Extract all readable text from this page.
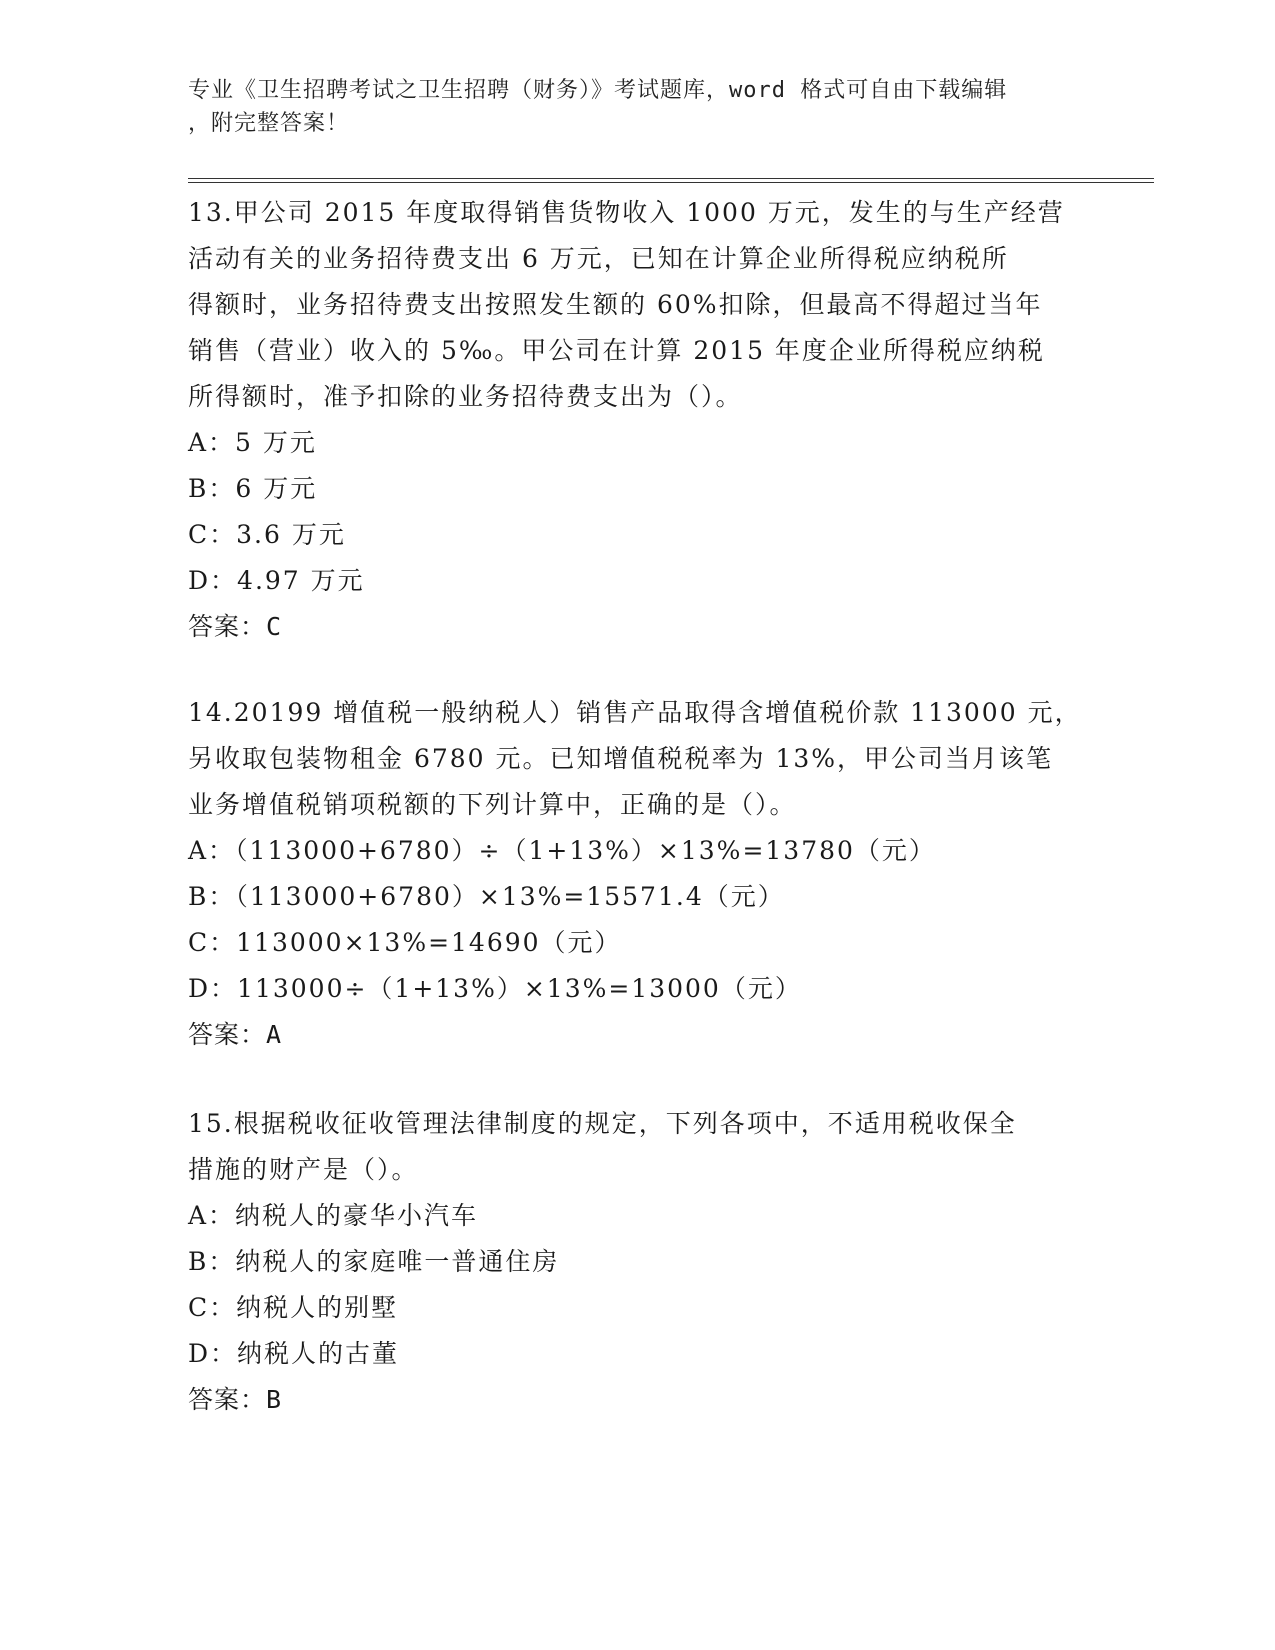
专业《卫生招聘考试之卫生招聘（财务）》考试题库，word 格式可自由下载编辑
，附完整答案！
13.甲公司 2015 年度取得销售货物收入 1000 万元，发生的与生产经营
活动有关的业务招待费支出 6 万元，已知在计算企业所得税应纳税所
得额时，业务招待费支出按照发生额的 60%扣除，但最高不得超过当年
销售（营业）收入的 5‰。甲公司在计算 2015 年度企业所得税应纳税
所得额时，准予扣除的业务招待费支出为（）。
A：5 万元
B：6 万元
C：3.6 万元
D：4.97 万元
答案：C
14.20199 增值税一般纳税人）销售产品取得含增值税价款 113000 元，
另收取包装物租金 6780 元。已知增值税税率为 13%，甲公司当月该笔
业务增值税销项税额的下列计算中，正确的是（）。
A：（113000+6780）÷（1+13%）×13%=13780（元）
B：（113000+6780）×13%=15571.4（元）
C：113000×13%=14690（元）
D：113000÷（1+13%）×13%=13000（元）
答案：A
15.根据税收征收管理法律制度的规定，下列各项中，不适用税收保全
措施的财产是（）。
A：纳税人的豪华小汽车
B：纳税人的家庭唯一普通住房
C：纳税人的别墅
D：纳税人的古董
答案：B
